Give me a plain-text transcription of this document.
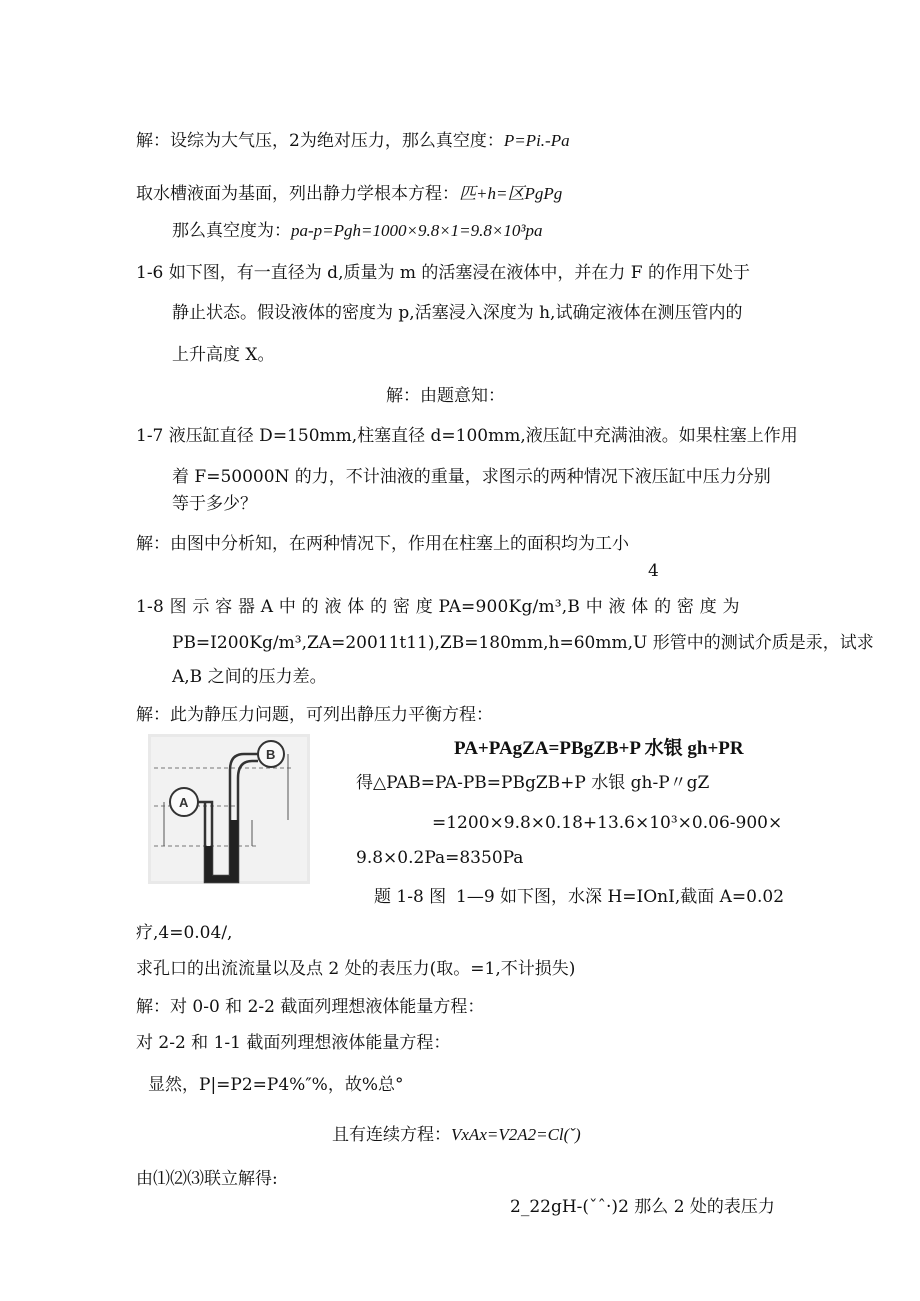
解：设综为大气压，2为绝对压力，那么真空度：P=Pi.-Pa
取水槽液面为基面，列出静力学根本方程：匹+h=区PgPg
那么真空度为：pa-p=Pgh=1000×9.8×1=9.8×10³pa
1-6 如下图，有一直径为 d,质量为 m 的活塞浸在液体中，并在力 F 的作用下处于
静止状态。假设液体的密度为 p,活塞浸入深度为 h,试确定液体在测压管内的
上升高度 X。
解：由题意知：
1-7 液压缸直径 D=150mm,柱塞直径 d=100mm,液压缸中充满油液。如果柱塞上作用
着 F=50000N 的力，不计油液的重量，求图示的两种情况下液压缸中压力分别
等于多少？
解：由图中分析知，在两种情况下，作用在柱塞上的面积均为工小
4
1-8 图 示 容 器 A 中 的 液 体 的 密 度 PA=900Kg/m³,B 中 液 体 的 密 度 为
PB=I200Kg/m³,ZA=20011t11),ZB=180mm,h=60mm,U 形管中的测试介质是汞，试求
A,B 之间的压力差。
解：此为静压力问题，可列出静压力平衡方程：
A
B	PA+PAgZA=PBgZB+P 水银 gh+PR
得△PAB=PA-PB=PBgZB+P 水银 gh-P〃gZ
=1200×9.8×0.18+13.6×10³×0.06-900×
9.8×0.2Pa=8350Pa
题 1-8 图 1—9 如下图，水深 H=IOnI,截面 A=0.02
疗,4=0.04/,
求孔口的出流流量以及点 2 处的表压力(取。=1,不计损失)
解：对 0-0 和 2-2 截面列理想液体能量方程：
对 2-2 和 1-1 截面列理想液体能量方程：
显然，P|=P2=P4%″%，故%总°
且有连续方程：VxAx=V2A2=Cl(ˇ)
由⑴⑵⑶联立解得:
2_22gH-(ˇˆ·)2 那么 2 处的表压力
